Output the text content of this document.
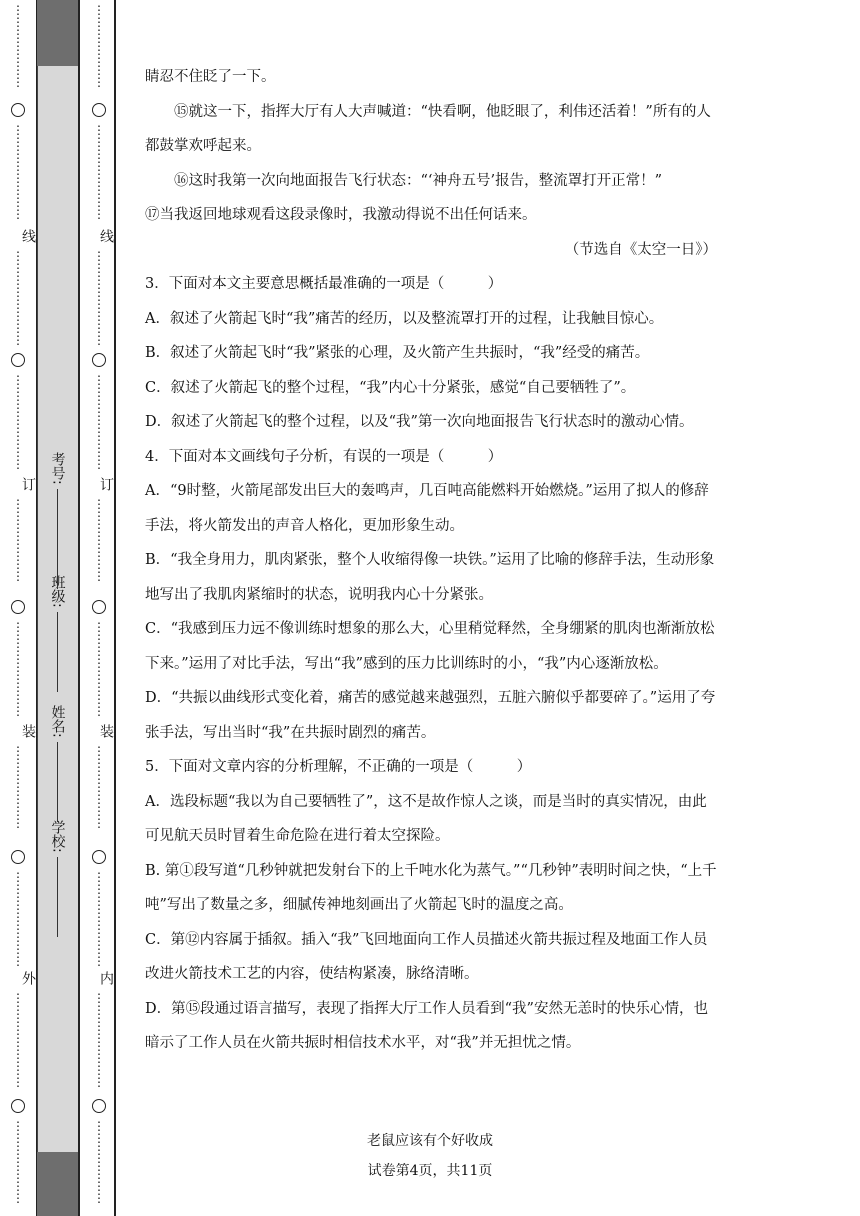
⋮
⋮
⋮
⋮
⋮
⋮
⋮
⋮
⋮
⋮
⋮
⋮
⋮
⋮
⋮
线
⋮
⋮
⋮
⋮
⋮
⋮
⋮
⋮
⋮
⋮
⋮
⋮
⋮
⋮
⋮
⋮
订
⋮
⋮
⋮
⋮
⋮
⋮
⋮
⋮
⋮
⋮
⋮
⋮
⋮
⋮
⋮
装
⋮
⋮
⋮
⋮
⋮
⋮
⋮
⋮
⋮
⋮
⋮
⋮
⋮
⋮
⋮
外
⋮
⋮
⋮
⋮
⋮
⋮
⋮
⋮
⋮
⋮
⋮
⋮
⋮
⋮
⋮
学校:
姓名:
班级:
考号:
⋮
⋮
⋮
⋮
⋮
⋮
⋮
⋮
⋮
⋮
⋮
⋮
⋮
⋮
⋮
线
⋮
⋮
⋮
⋮
⋮
⋮
⋮
⋮
⋮
⋮
⋮
⋮
⋮
⋮
⋮
⋮
订
⋮
⋮
⋮
⋮
⋮
⋮
⋮
⋮
⋮
⋮
⋮
⋮
⋮
⋮
⋮
装
⋮
⋮
⋮
⋮
⋮
⋮
⋮
⋮
⋮
⋮
⋮
⋮
⋮
⋮
⋮
内
⋮
⋮
⋮
⋮
⋮
⋮
⋮
⋮
⋮
⋮
⋮
⋮
⋮
⋮
⋮

睛忍不住眨了一下。

⑮就这一下，指挥大厅有人大声喊道：“快看啊，他眨眼了，利伟还活着！”所有的人都鼓掌欢呼起来。

⑯这时我第一次向地面报告飞行状态：“‘神舟五号’报告，整流罩打开正常！”

⑰当我返回地球观看这段录像时，我激动得说不出任何话来。

（节选自《太空一日》）

3．下面对本文主要意思概括最准确的一项是（　　　）

A．叙述了火箭起飞时“我”痛苦的经历，以及整流罩打开的过程，让我触目惊心。

B．叙述了火箭起飞时“我”紧张的心理，及火箭产生共振时，“我”经受的痛苦。

C．叙述了火箭起飞的整个过程，“我”内心十分紧张，感觉“自己要牺牲了”。

D．叙述了火箭起飞的整个过程，以及“我”第一次向地面报告飞行状态时的激动心情。

4．下面对本文画线句子分析，有误的一项是（　　　）

A．“9时整，火箭尾部发出巨大的轰鸣声，几百吨高能燃料开始燃烧。”运用了拟人的修辞手法，将火箭发出的声音人格化，更加形象生动。

B．“我全身用力，肌肉紧张，整个人收缩得像一块铁。”运用了比喻的修辞手法，生动形象地写出了我肌肉紧缩时的状态，说明我内心十分紧张。

C．“我感到压力远不像训练时想象的那么大，心里稍觉释然，全身绷紧的肌肉也渐渐放松下来。”运用了对比手法，写出“我”感到的压力比训练时的小，“我”内心逐渐放松。

D．“共振以曲线形式变化着，痛苦的感觉越来越强烈，五脏六腑似乎都要碎了。”运用了夸张手法，写出当时“我”在共振时剧烈的痛苦。

5．下面对文章内容的分析理解，不正确的一项是（　　　）

A．选段标题“我以为自己要牺牲了”，这不是故作惊人之谈，而是当时的真实情况，由此可见航天员时冒着生命危险在进行着太空探险。

B. 第①段写道“几秒钟就把发射台下的上千吨水化为蒸气。”“几秒钟”表明时间之快，“上千吨”写出了数量之多，细腻传神地刻画出了火箭起飞时的温度之高。

C．第⑫内容属于插叙。插入“我”飞回地面向工作人员描述火箭共振过程及地面工作人员改进火箭技术工艺的内容，使结构紧凑，脉络清晰。

D．第⑮段通过语言描写，表现了指挥大厅工作人员看到“我”安然无恙时的快乐心情，也暗示了工作人员在火箭共振时相信技术水平，对“我”并无担忧之情。

老鼠应该有个好收成
试卷第4页，共11页
